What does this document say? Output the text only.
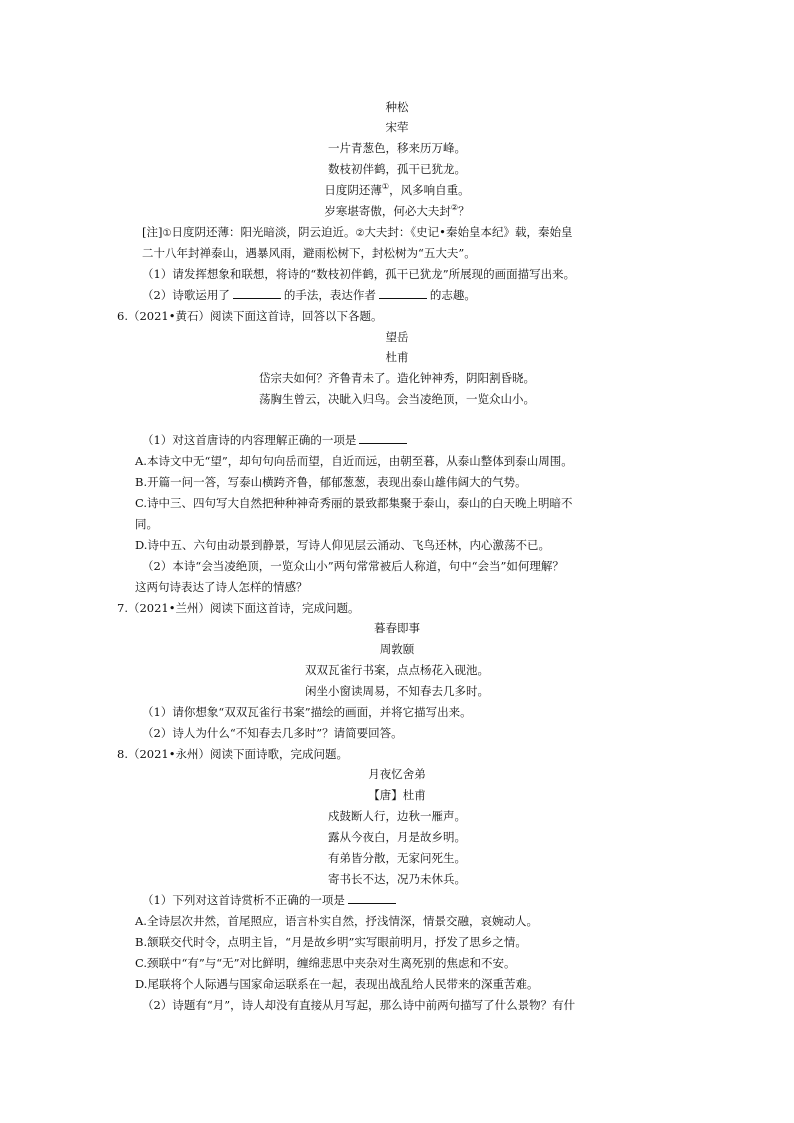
种松
宋荦
一片青葱色，移来历万峰。
数枝初伴鹤，孤干已犹龙。
日度阴还薄①，风多响自重。
岁寒堪寄傲，何必大夫封②？
[注]①日度阴还薄：阳光暗淡，阴云迫近。②大夫封：《史记•秦始皇本纪》载，秦始皇
二十八年封禅泰山，遇暴风雨，避雨松树下，封松树为“五大夫”。
（1）请发挥想象和联想，将诗的“数枝初伴鹤，孤干已犹龙”所展现的画面描写出来。
（2）诗歌运用了	的手法，表达作者	的志趣。
6.（2021•黄石）阅读下面这首诗，回答以下各题。
望岳
杜甫
岱宗夫如何？齐鲁青未了。造化钟神秀，阴阳割昏晓。
荡胸生曾云，决眦入归鸟。会当凌绝顶，一览众山小。
（1）对这首唐诗的内容理解正确的一项是
A.本诗文中无“望”，却句句向岳而望，自近而远，由朝至暮，从泰山整体到泰山周围。
B.开篇一问一答，写泰山横跨齐鲁，郁郁葱葱，表现出泰山雄伟阔大的气势。
C.诗中三、四句写大自然把种种神奇秀丽的景致都集聚于泰山，泰山的白天晚上明暗不
同。
D.诗中五、六句由动景到静景，写诗人仰见层云涌动、飞鸟还林，内心激荡不已。
（2）本诗“会当凌绝顶，一览众山小”两句常常被后人称道，句中“会当”如何理解？
这两句诗表达了诗人怎样的情感？
7.（2021•兰州）阅读下面这首诗，完成问题。
暮春即事
周敦颐
双双瓦雀行书案，点点杨花入砚池。
闲坐小窗读周易，不知春去几多时。
（1）请你想象“双双瓦雀行书案”描绘的画面，并将它描写出来。
（2）诗人为什么“不知春去几多时”？请简要回答。
8.（2021•永州）阅读下面诗歌，完成问题。
月夜忆舍弟
【唐】杜甫
戍鼓断人行，边秋一雁声。
露从今夜白，月是故乡明。
有弟皆分散，无家问死生。
寄书长不达，况乃未休兵。
（1）下列对这首诗赏析不正确的一项是
A.全诗层次井然，首尾照应，语言朴实自然，抒浅情深，情景交融，哀婉动人。
B.颔联交代时令，点明主旨，“月是故乡明”实写眼前明月，抒发了思乡之情。
C.颈联中“有”与“无”对比鲜明，缠绵悲思中夹杂对生离死别的焦虑和不安。
D.尾联将个人际遇与国家命运联系在一起，表现出战乱给人民带来的深重苦难。
（2）诗题有“月”，诗人却没有直接从月写起，那么诗中前两句描写了什么景物？有什
